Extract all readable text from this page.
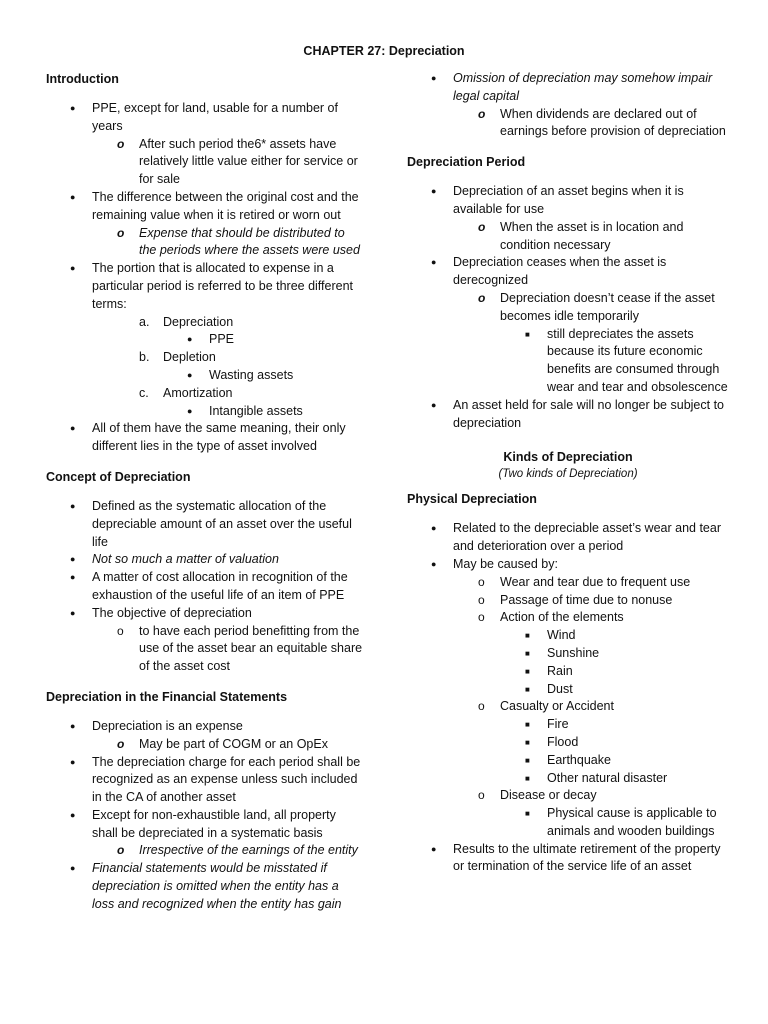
CHAPTER 27: Depreciation
Introduction
● PPE, except for land, usable for a number of years
o After such period the6* assets have relatively little value either for service or for sale
● The difference between the original cost and the remaining value when it is retired or worn out
o Expense that should be distributed to the periods where the assets were used
● The portion that is allocated to expense in a particular period is referred to be three different terms:
a.	Depreciation
● PPE
b.	Depletion
● Wasting assets
c.	Amortization
● Intangible assets
● All of them have the same meaning, their only different lies in the type of asset involved
Concept of Depreciation
● Defined as the systematic allocation of the depreciable amount of an asset over the useful life
● Not so much a matter of valuation
● A matter of cost allocation in recognition of the exhaustion of the useful life of an item of PPE
● The objective of depreciation
o to have each period benefitting from the use of the asset bear an equitable share of the asset cost
Depreciation in the Financial Statements
● Depreciation is an expense
o May be part of COGM or an OpEx
● The depreciation charge for each period shall be recognized as an expense unless such included in the CA of another asset
● Except for non-exhaustible land, all property shall be depreciated in a systematic basis
o Irrespective of the earnings of the entity
● Financial statements would be misstated if depreciation is omitted when the entity has a loss and recognized when the entity has gain
● Omission of depreciation may somehow impair legal capital
o When dividends are declared out of earnings before provision of depreciation
Depreciation Period
● Depreciation of an asset begins when it is available for use
o When the asset is in location and condition necessary
● Depreciation ceases when the asset is derecognized
o Depreciation doesn’t cease if the asset becomes idle temporarily
■ still depreciates the assets because its future economic benefits are consumed through wear and tear and obsolescence
● An asset held for sale will no longer be subject to depreciation
Kinds of Depreciation
(Two kinds of Depreciation)
Physical Depreciation
● Related to the depreciable asset’s wear and tear and deterioration over a period
● May be caused by:
o Wear and tear due to frequent use
o Passage of time due to nonuse
o Action of the elements
■ Wind
■ Sunshine
■ Rain
■ Dust
o Casualty or Accident
■ Fire
■ Flood
■ Earthquake
■ Other natural disaster
o Disease or decay
■ Physical cause is applicable to animals and wooden buildings
● Results to the ultimate retirement of the property or termination of the service life of an asset
